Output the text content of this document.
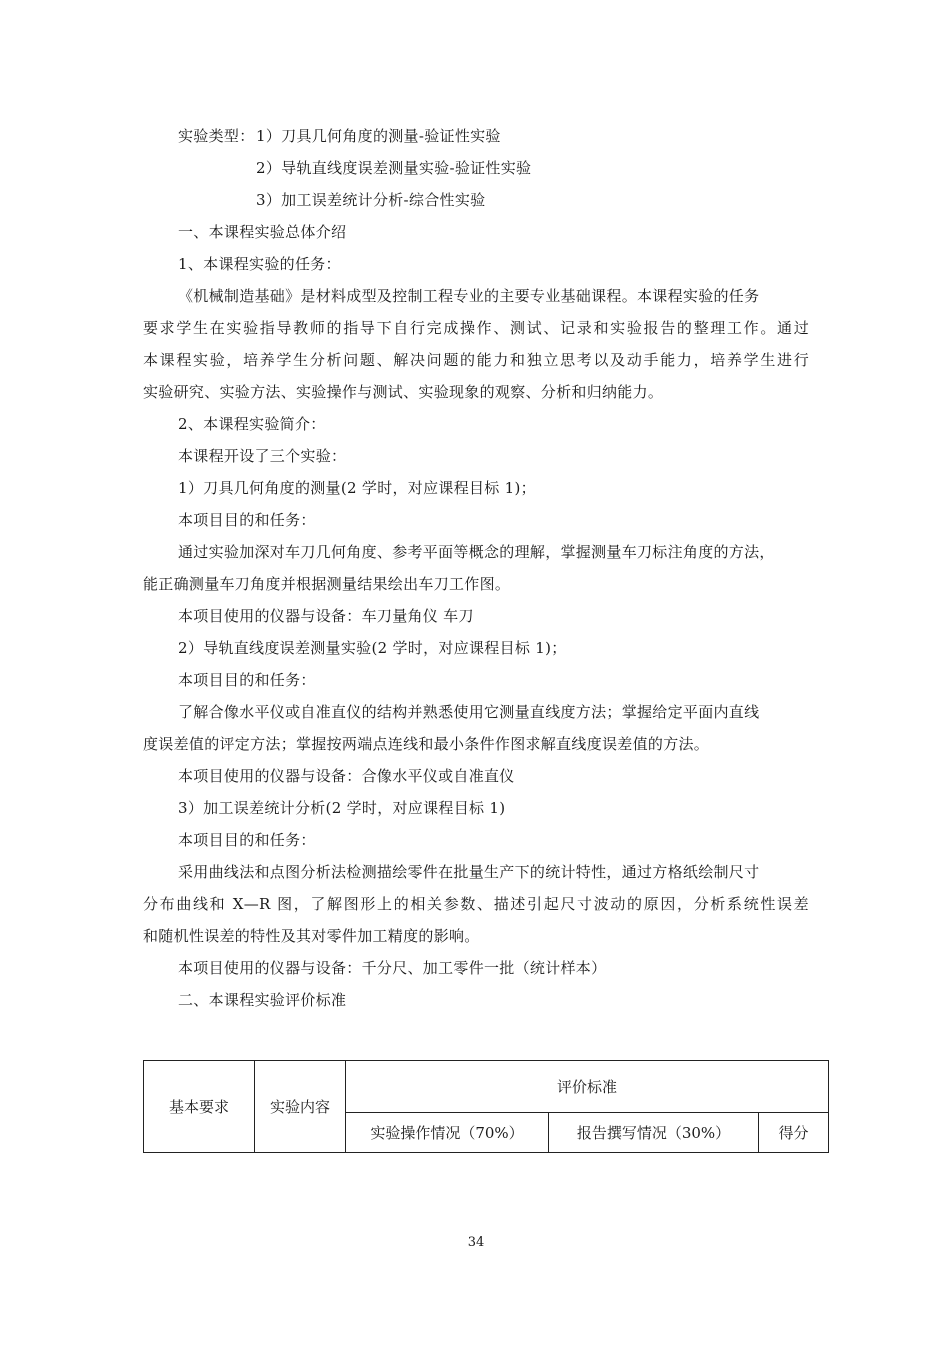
实验类型： 1）刀具几何角度的测量-验证性实验
2）导轨直线度误差测量实验-验证性实验
3）加工误差统计分析-综合性实验
一、本课程实验总体介绍
1、本课程实验的任务：
《机械制造基础》是材料成型及控制工程专业的主要专业基础课程。本课程实验的任务
要求学生在实验指导教师的指导下自行完成操作、测试、记录和实验报告的整理工作。通过
本课程实验，培养学生分析问题、解决问题的能力和独立思考以及动手能力，培养学生进行
实验研究、实验方法、实验操作与测试、实验现象的观察、分析和归纳能力。
2、本课程实验简介：
本课程开设了三个实验：
1）刀具几何角度的测量(2 学时，对应课程目标 1)；
本项目目的和任务：
通过实验加深对车刀几何角度、参考平面等概念的理解，掌握测量车刀标注角度的方法，
能正确测量车刀角度并根据测量结果绘出车刀工作图。
本项目使用的仪器与设备：车刀量角仪 车刀
2）导轨直线度误差测量实验(2 学时，对应课程目标 1)；
本项目目的和任务：
了解合像水平仪或自准直仪的结构并熟悉使用它测量直线度方法；掌握给定平面内直线
度误差值的评定方法；掌握按两端点连线和最小条件作图求解直线度误差值的方法。
本项目使用的仪器与设备：合像水平仪或自准直仪
3）加工误差统计分析(2 学时，对应课程目标 1)
本项目目的和任务：
采用曲线法和点图分析法检测描绘零件在批量生产下的统计特性，通过方格纸绘制尺寸
分布曲线和 X—R 图，了解图形上的相关参数、描述引起尺寸波动的原因，分析系统性误差
和随机性误差的特性及其对零件加工精度的影响。
本项目使用的仪器与设备：千分尺、加工零件一批（统计样本）
二、本课程实验评价标准
基本要求	实验内容	评价标准		
		实验操作情况（70%）	报告撰写情况（30%）	得分
34
